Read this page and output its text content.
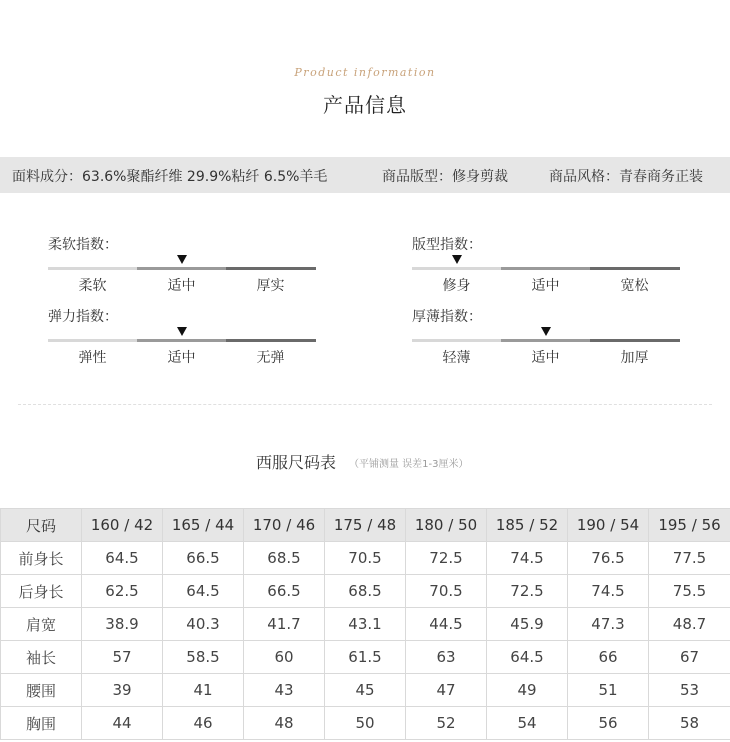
Product information
产品信息
面料成分：63.6%聚酯纤维 29.9%粘纤 6.5%羊毛	商品版型：修身剪裁	商品风格：青春商务正装
柔软指数：
柔软	适中	厚实
版型指数：
修身	适中	宽松
弹力指数：
弹性	适中	无弹
厚薄指数：
轻薄	适中	加厚
西服尺码表 （平铺测量 误差1-3厘米）
尺码	160 / 42	165 / 44	170 / 46	175 / 48	180 / 50	185 / 52	190 / 54	195 / 56
前身长	64.5	66.5	68.5	70.5	72.5	74.5	76.5	77.5
后身长	62.5	64.5	66.5	68.5	70.5	72.5	74.5	75.5
肩宽	38.9	40.3	41.7	43.1	44.5	45.9	47.3	48.7
袖长	57	58.5	60	61.5	63	64.5	66	67
腰围	39	41	43	45	47	49	51	53
胸围	44	46	48	50	52	54	56	58
